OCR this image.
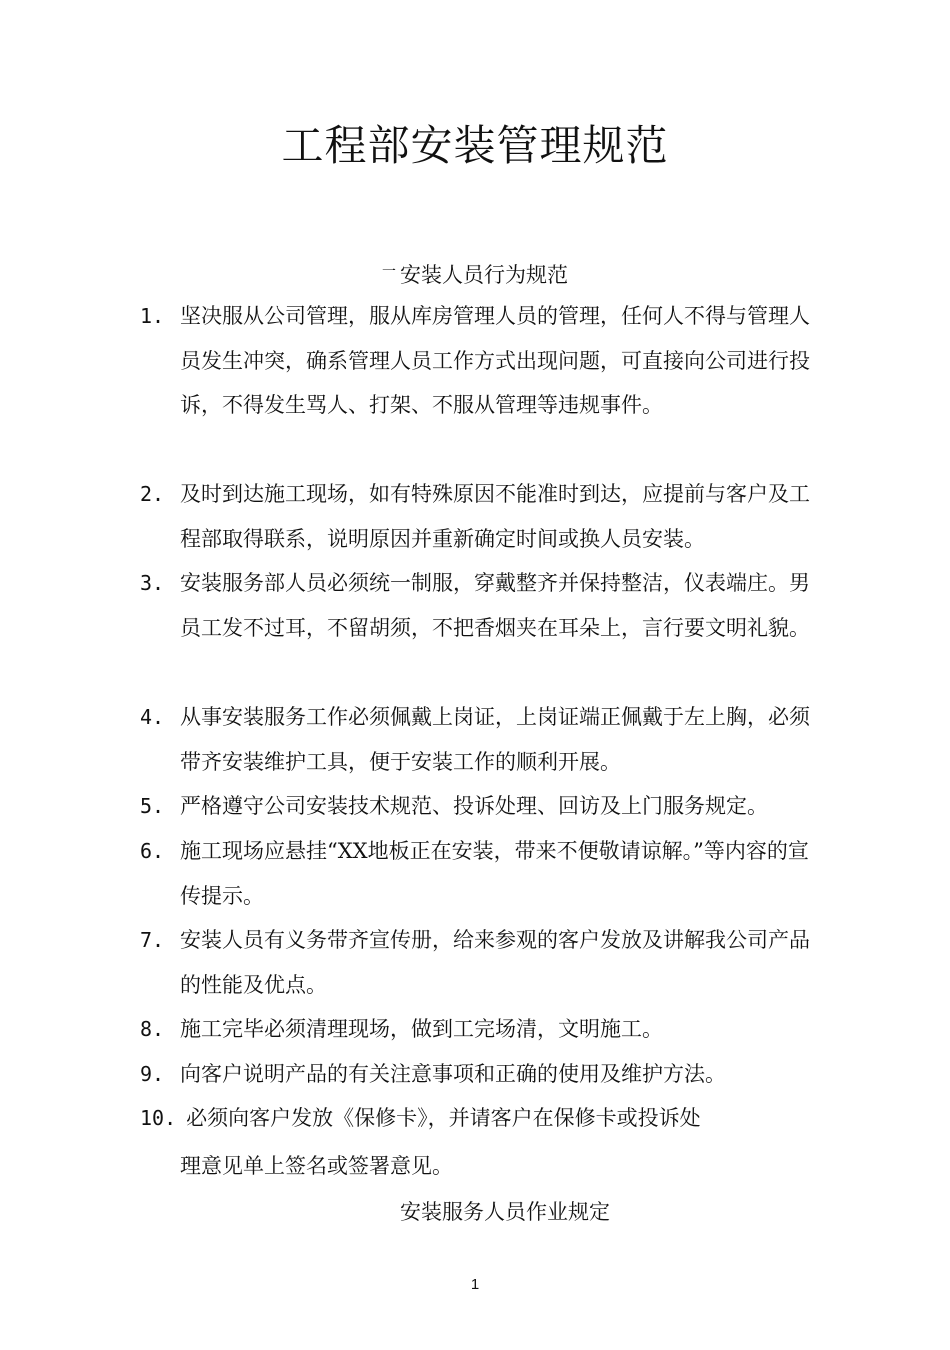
工程部安装管理规范
$^一$ 安装人员行为规范
1. 坚决服从公司管理，服从库房管理人员的管理，任何人不得与管理人员发生冲突，确系管理人员工作方式出现问题，可直接向公司进行投诉，不得发生骂人、打架、不服从管理等违规事件。
2. 及时到达施工现场，如有特殊原因不能准时到达，应提前与客户及工程部取得联系，说明原因并重新确定时间或换人员安装。
3. 安装服务部人员必须统一制服，穿戴整齐并保持整洁，仪表端庄。男员工发不过耳，不留胡须，不把香烟夹在耳朵上，言行要文明礼貌。
4. 从事安装服务工作必须佩戴上岗证，上岗证端正佩戴于左上胸，必须带齐安装维护工具，便于安装工作的顺利开展。
5. 严格遵守公司安装技术规范、投诉处理、回访及上门服务规定。
6. 施工现场应悬挂“XX地板正在安装，带来不便敬请谅解。”等内容的宣传提示。
7. 安装人员有义务带齐宣传册，给来参观的客户发放及讲解我公司产品的性能及优点。
8. 施工完毕必须清理现场，做到工完场清，文明施工。
9. 向客户说明产品的有关注意事项和正确的使用及维护方法。
10. 必须向客户发放《保修卡》，并请客户在保修卡或投诉处
理意见单上签名或签署意见。
安装服务人员作业规定
1
